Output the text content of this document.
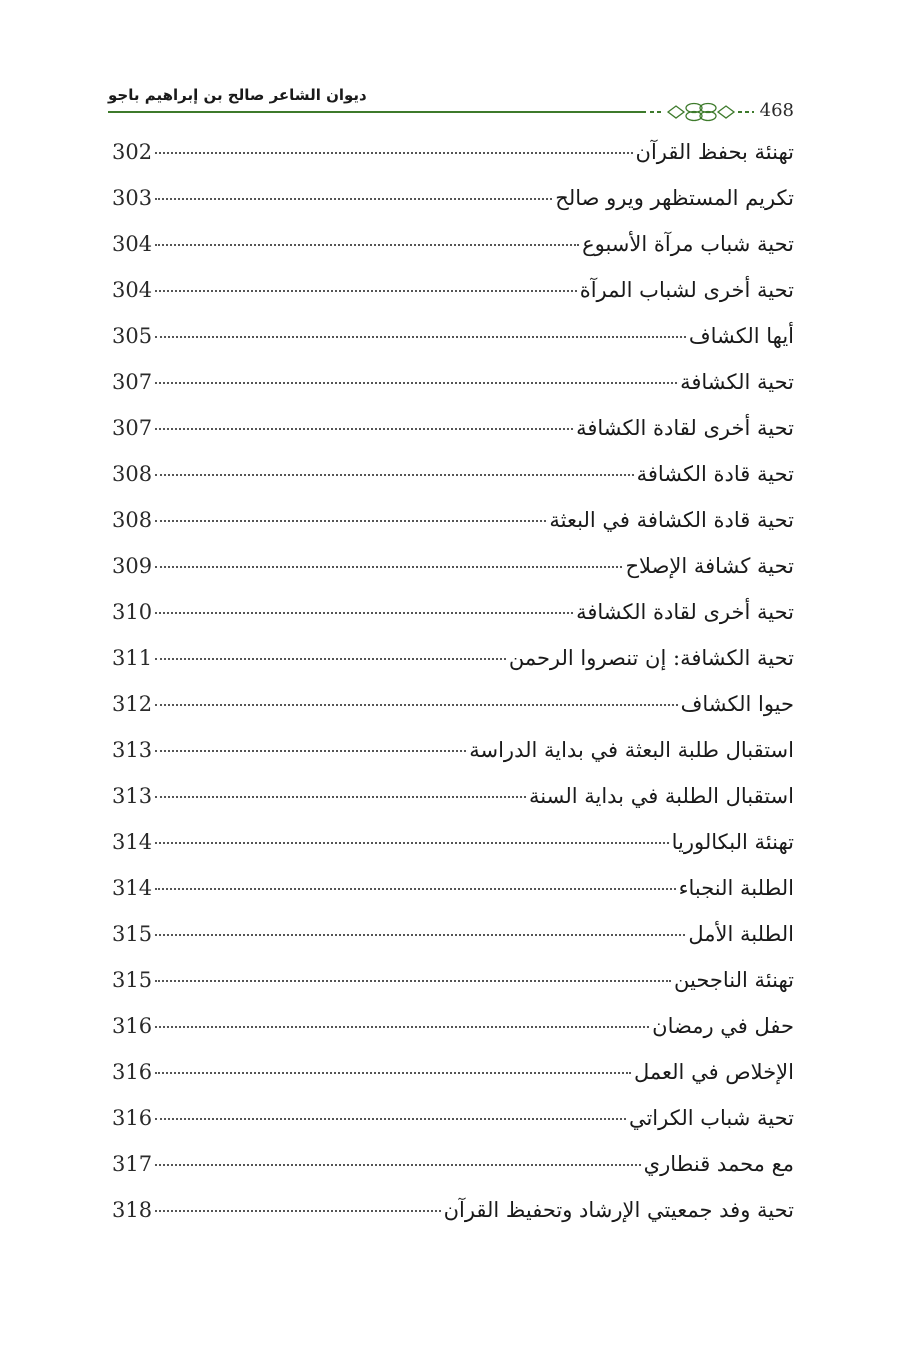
ديوان الشاعر صالح بن إبراهيم باجو
468
302	تهنئة بحفظ القرآن
303	تكريم المستظهر ويرو صالح
304	تحية شباب مرآة الأسبوع
304	تحية أخرى لشباب المرآة
305	أيها الكشاف
307	تحية الكشافة
307	تحية أخرى لقادة الكشافة
308	تحية قادة الكشافة
308	تحية قادة الكشافة في البعثة
309	تحية كشافة الإصلاح
310	تحية أخرى لقادة الكشافة
311	تحية الكشافة: إن تنصروا الرحمن
312	حيوا الكشاف
313	استقبال طلبة البعثة في بداية الدراسة
313	استقبال الطلبة في بداية السنة
314	تهنئة البكالوريا
314	الطلبة النجباء
315	الطلبة الأمل
315	تهنئة الناجحين
316	حفل في رمضان
316	الإخلاص في العمل
316	تحية شباب الكراتي
317	مع محمد قنطاري
318	تحية وفد جمعيتي الإرشاد وتحفيظ القرآن
